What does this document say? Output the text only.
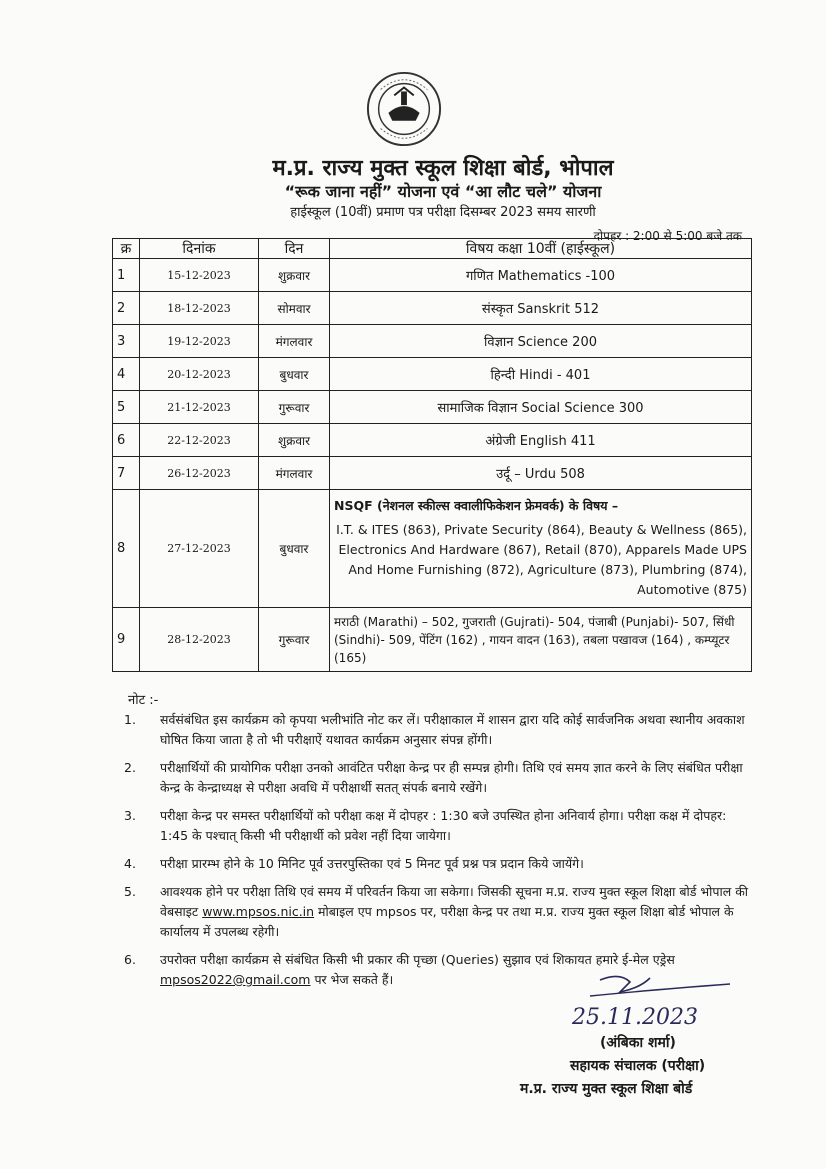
म.प्र. राज्य मुक्त स्कूल शिक्षा बोर्ड, भोपाल
“रूक जाना नहीं” योजना एवं “आ लौट चले” योजना
हाईस्कूल (10वीं) प्रमाण पत्र परीक्षा दिसम्बर 2023 समय सारणी
दोपहर : 2:00 से 5:00 बजे तक
क्र	दिनांक	दिन	विषय कक्षा 10वीं (हाईस्कूल)
1	15-12-2023	शुक्रवार	गणित Mathematics -100
2	18-12-2023	सोमवार	संस्कृत Sanskrit 512
3	19-12-2023	मंगलवार	विज्ञान Science 200
4	20-12-2023	बुधवार	हिन्दी Hindi - 401
5	21-12-2023	गुरूवार	सामाजिक विज्ञान Social Science 300
6	22-12-2023	शुक्रवार	अंग्रेजी English 411
7	26-12-2023	मंगलवार	उर्दू – Urdu 508
8	27-12-2023	बुधवार	NSQF (नेशनल स्कील्स क्वालीफिकेशन फ्रेमवर्क) के विषय –
I.T. & ITES (863), Private Security (864), Beauty & Wellness (865), Electronics And Hardware (867), Retail (870), Apparels Made UPS And Home Furnishing (872), Agriculture (873), Plumbring (874), Automotive (875)

9	28-12-2023	गुरूवार	मराठी (Marathi) – 502, गुजराती (Gujrati)- 504, पंजाबी (Punjabi)- 507, सिंधी (Sindhi)- 509, पेंटिंग (162) , गायन वादन (163), तबला पखावज (164) , कम्प्यूटर (165)
नोट :-
1.	सर्वसंबंधित इस कार्यक्रम को कृपया भलीभांति नोट कर लें। परीक्षाकाल में शासन द्वारा यदि कोई सार्वजनिक अथवा स्थानीय अवकाश घोषित किया जाता है तो भी परीक्षाऐं यथावत कार्यक्रम अनुसार संपन्न होंगी।
2.	परीक्षार्थियों की प्रायोगिक परीक्षा उनको आवंटित परीक्षा केन्द्र पर ही सम्पन्न होगी। तिथि एवं समय ज्ञात करने के लिए संबंधित परीक्षा केन्द्र के केन्द्राध्यक्ष से परीक्षा अवधि में परीक्षार्थी सतत् संपर्क बनाये रखेंगे।
3.	परीक्षा केन्द्र पर समस्त परीक्षार्थियों को परीक्षा कक्ष में दोपहर : 1:30 बजे उपस्थित होना अनिवार्य होगा। परीक्षा कक्ष में दोपहर: 1:45 के पश्चात् किसी भी परीक्षार्थी को प्रवेश नहीं दिया जायेगा।
4.	परीक्षा प्रारम्भ होने के 10 मिनिट पूर्व उत्तरपुस्तिका एवं 5 मिनट पूर्व प्रश्न पत्र प्रदान किये जायेंगे।
5.	आवश्यक होने पर परीक्षा तिथि एवं समय में परिवर्तन किया जा सकेगा। जिसकी सूचना म.प्र. राज्य मुक्त स्कूल शिक्षा बोर्ड भोपाल की वेबसाइट www.mpsos.nic.in मोबाइल एप mpsos पर, परीक्षा केन्द्र पर तथा म.प्र. राज्य मुक्त स्कूल शिक्षा बोर्ड भोपाल के कार्यालय में उपलब्ध रहेगी।
6.	उपरोक्त परीक्षा कार्यक्रम से संबंधित किसी भी प्रकार की पृच्छा (Queries) सुझाव एवं शिकायत हमारे ई-मेल एड्रेस mpsos2022@gmail.com पर भेज सकते हैं।
25.11.2023
(अंबिका शर्मा)
सहायक संचालक (परीक्षा)
म.प्र. राज्य मुक्त स्कूल शिक्षा बोर्ड
